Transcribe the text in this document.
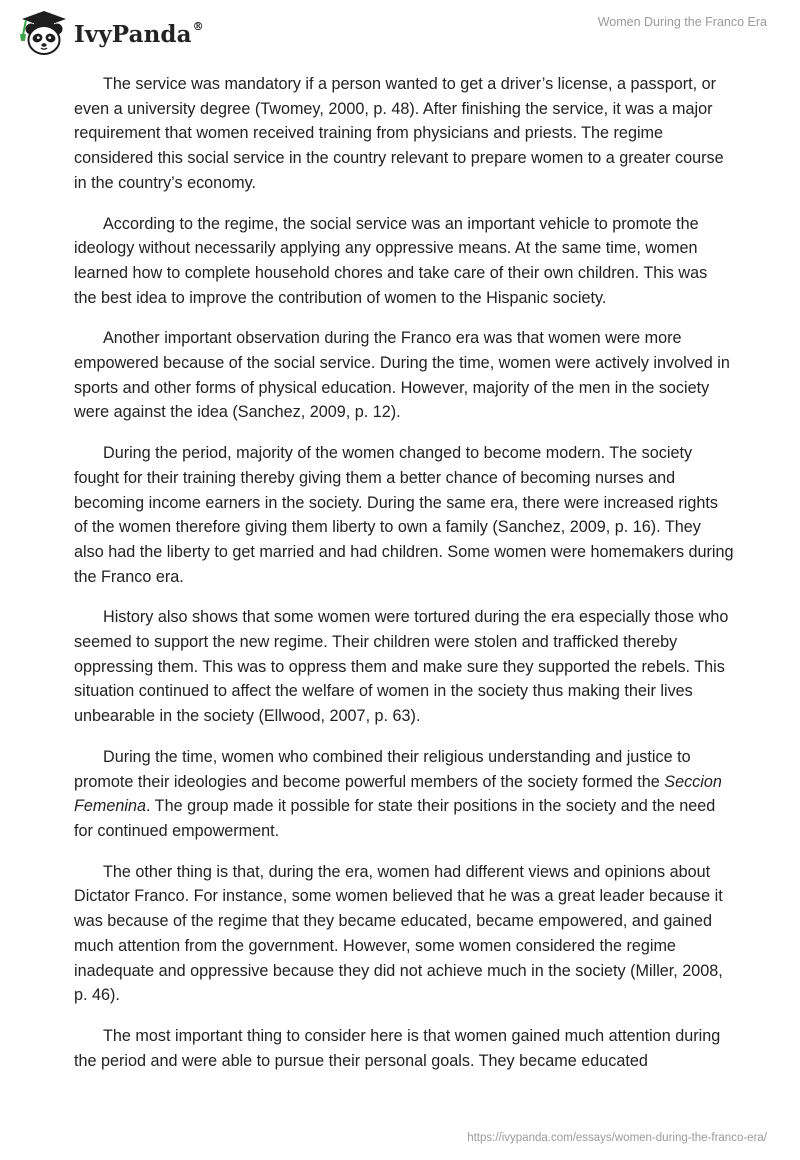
IvyPanda®	Women During the Franco Era

The service was mandatory if a person wanted to get a driver’s license, a passport, or even a university degree (Twomey, 2000, p. 48). After finishing the service, it was a major requirement that women received training from physicians and priests. The regime considered this social service in the country relevant to prepare women to a greater course in the country’s economy.

According to the regime, the social service was an important vehicle to promote the ideology without necessarily applying any oppressive means. At the same time, women learned how to complete household chores and take care of their own children. This was the best idea to improve the contribution of women to the Hispanic society.

Another important observation during the Franco era was that women were more empowered because of the social service. During the time, women were actively involved in sports and other forms of physical education. However, majority of the men in the society were against the idea (Sanchez, 2009, p. 12).

During the period, majority of the women changed to become modern. The society fought for their training thereby giving them a better chance of becoming nurses and becoming income earners in the society. During the same era, there were increased rights of the women therefore giving them liberty to own a family (Sanchez, 2009, p. 16). They also had the liberty to get married and had children. Some women were homemakers during the Franco era.

History also shows that some women were tortured during the era especially those who seemed to support the new regime. Their children were stolen and trafficked thereby oppressing them. This was to oppress them and make sure they supported the rebels. This situation continued to affect the welfare of women in the society thus making their lives unbearable in the society (Ellwood, 2007, p. 63).

During the time, women who combined their religious understanding and justice to promote their ideologies and become powerful members of the society formed the Seccion Femenina. The group made it possible for state their positions in the society and the need for continued empowerment.

The other thing is that, during the era, women had different views and opinions about Dictator Franco. For instance, some women believed that he was a great leader because it was because of the regime that they became educated, became empowered, and gained much attention from the government. However, some women considered the regime inadequate and oppressive because they did not achieve much in the society (Miller, 2008, p. 46).

The most important thing to consider here is that women gained much attention during the period and were able to pursue their personal goals. They became educated

https://ivypanda.com/essays/women-during-the-franco-era/
